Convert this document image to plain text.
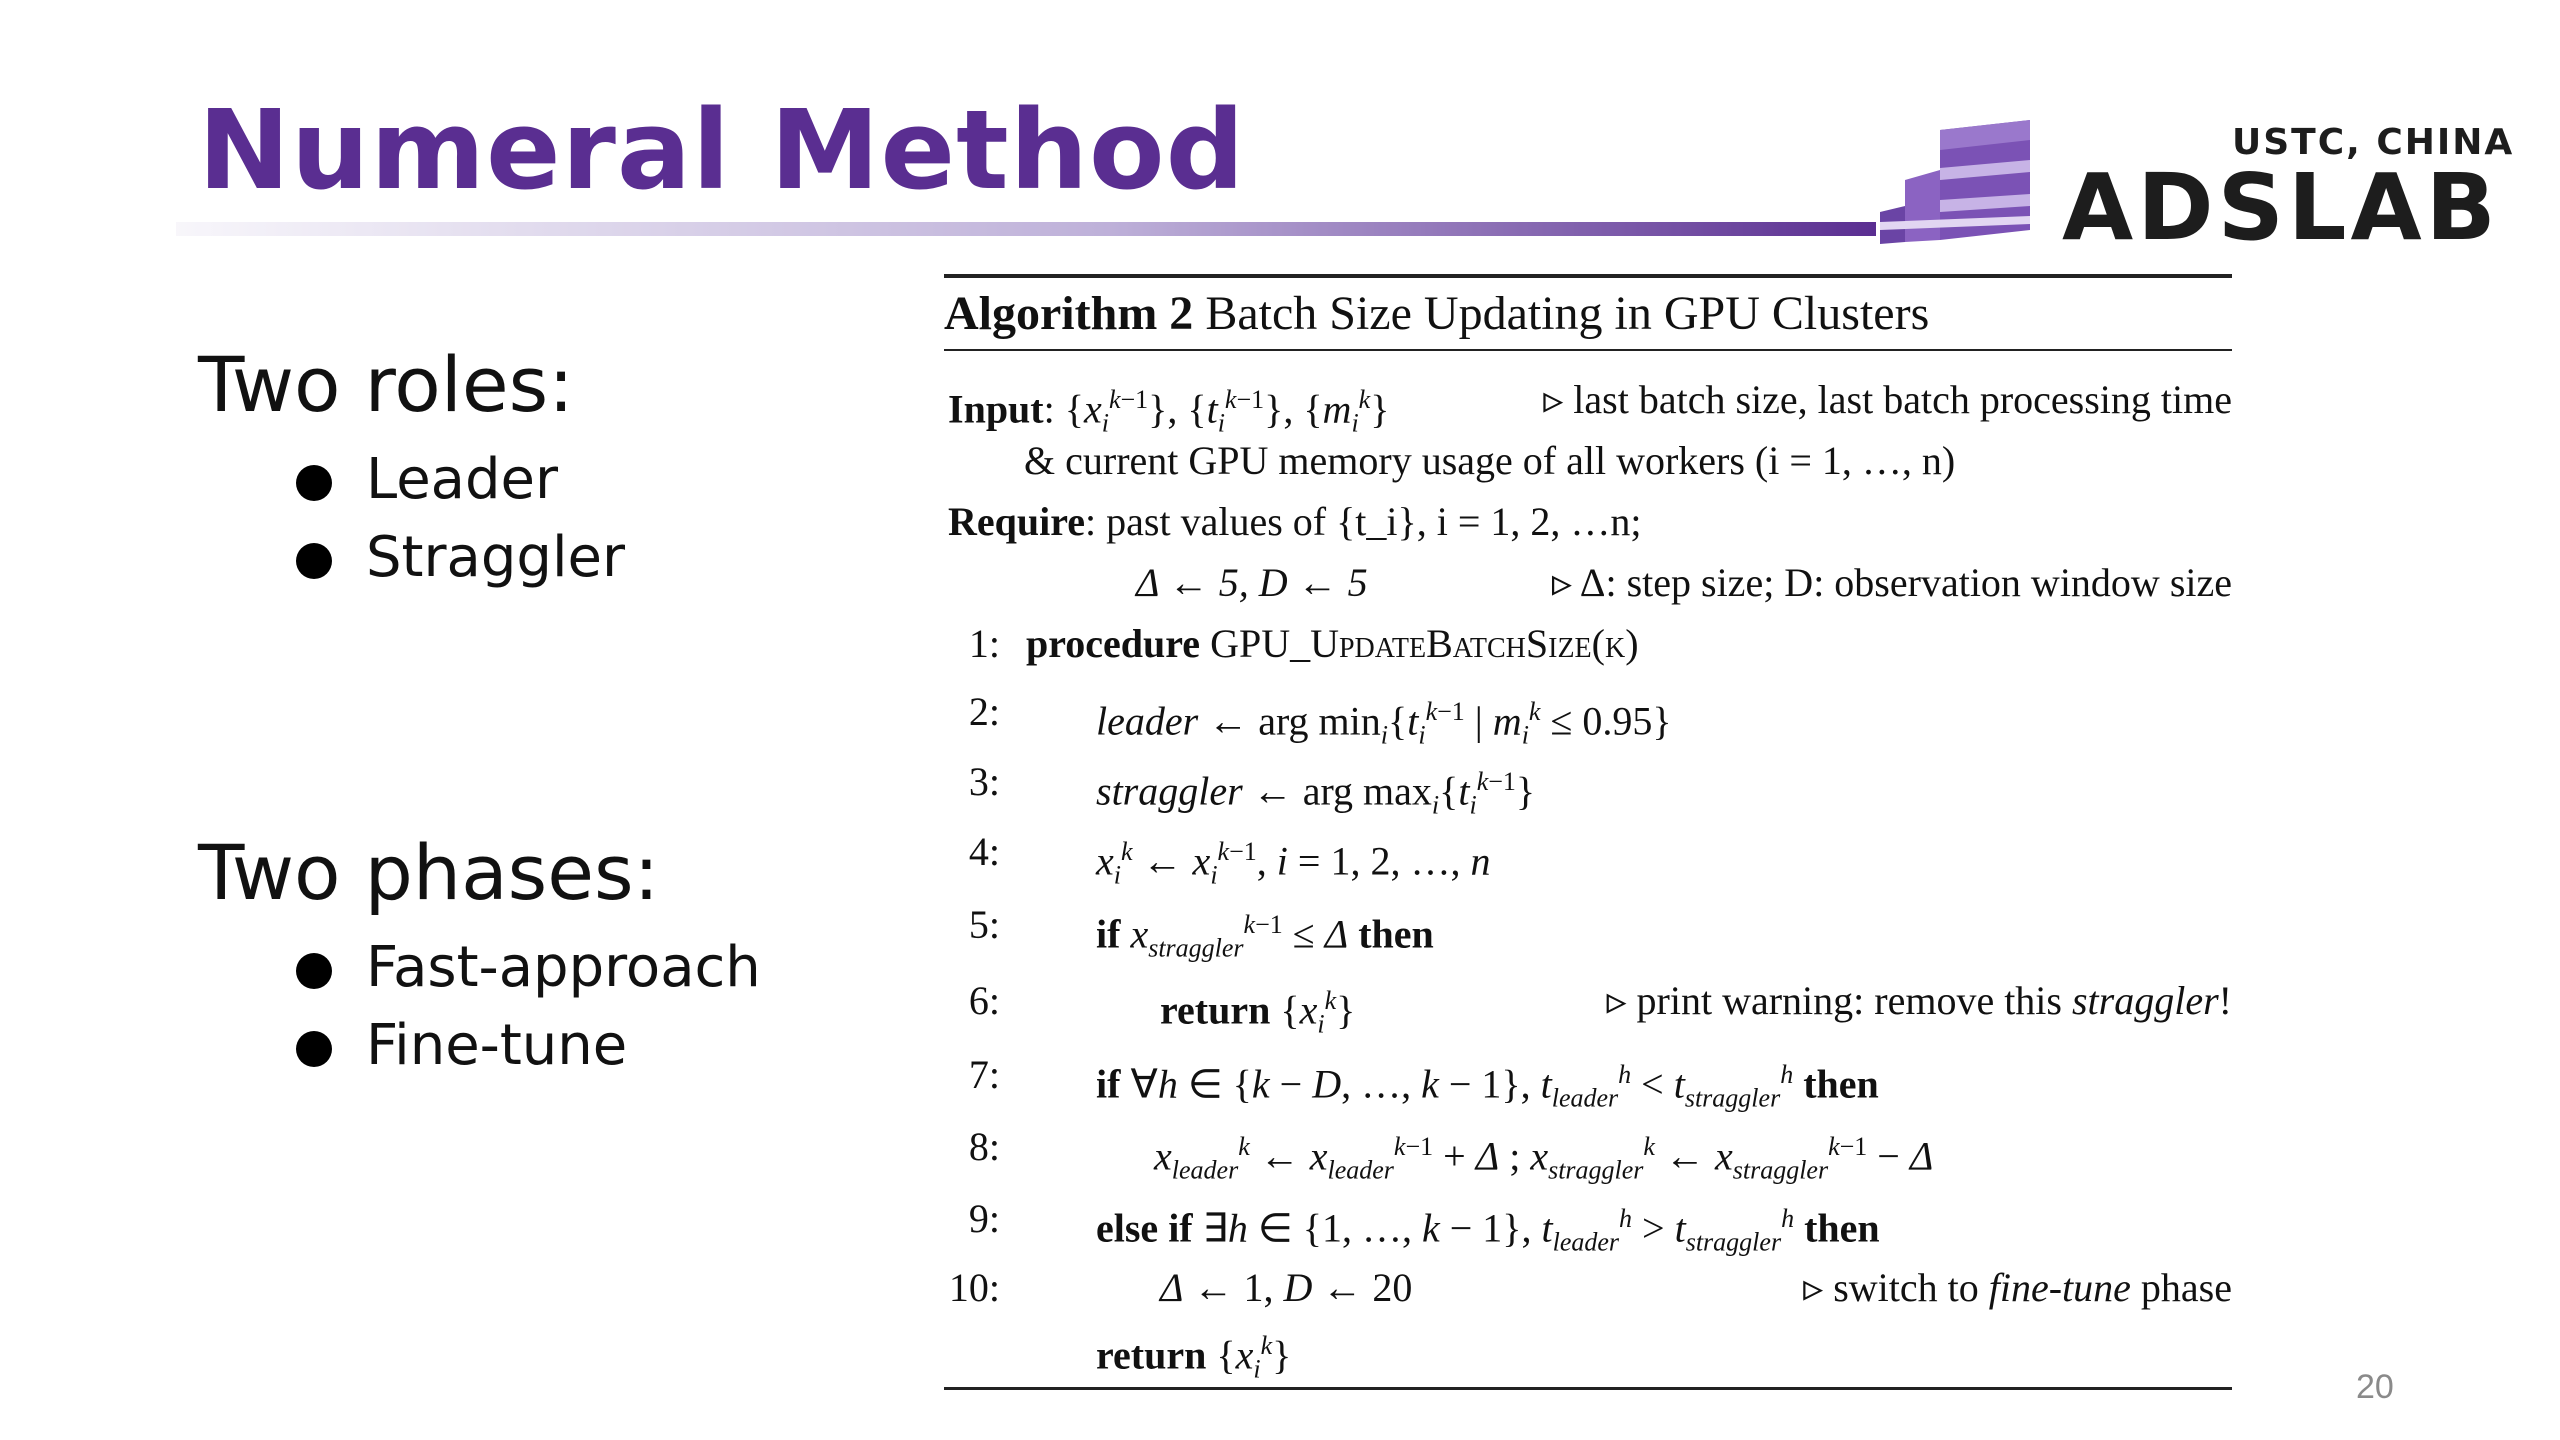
Numeral Method	USTC, CHINA
ADSLAB
Two roles:
Leader
Straggler
Two phases:
Fast-approach
Fine-tune
Algorithm 2 Batch Size Updating in GPU Clusters
Input: $\{x_i^{k-1}\}$, $\{t_i^{k-1}\}$, $\{m_i^k\}$	▹ last batch size, last batch processing time
& current GPU memory usage of all workers (i = 1, …, n)
Require: past values of {t_i}, i = 1, 2, …n;
Δ ← 5, D ← 5	▹ Δ: step size; D: observation window size
1: procedure GPU_UpdateBatchSize(k)
2: leader ← arg $\min_i\{t_i^{k-1}$ | $m_i^k \le 0.95$}
3: straggler ← arg $\max_i\{t_i^{k-1}\}$
4: $x_i^k$ ← $x_i^{k-1}$, i = 1, 2, …, n
5: if $x_{straggler}^{k-1} \le \Delta$ then
6:	return $\{x_i^k\}$	▹ print warning: remove this straggler!
7: if ∀h ∈ {k − D, …, k − 1}, $t_{leader}^h < t_{straggler}^h$ then
8:	$x_{leader}^k$ ← $x_{leader}^{k-1} + \Delta$ ; $x_{straggler}^k$ ← $x_{straggler}^{k-1} - \Delta$
9: else if ∃h ∈ {1, …, k − 1}, $t_{leader}^h > t_{straggler}^h$ then
10:	Δ ← 1, D ← 20	▹ switch to fine-tune phase
return $\{x_i^k\}$
20
